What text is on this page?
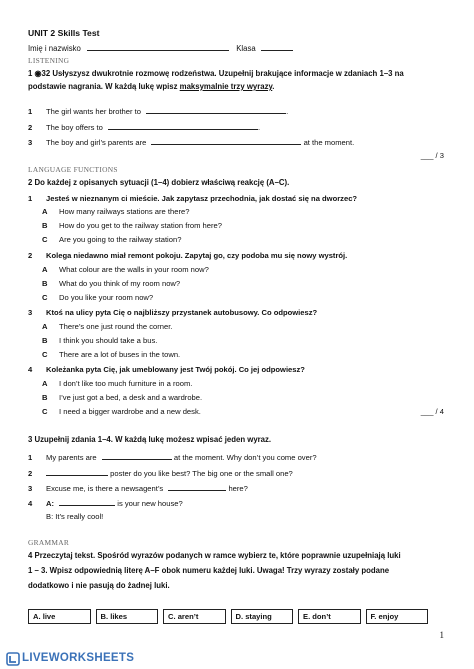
UNIT 2 Skills Test
Imię i nazwisko	Klasa
LISTENING
1 ◉32 Usłyszysz dwukrotnie rozmowę rodzeństwa. Uzupełnij brakujące informacje w zdaniach 1–3 na
podstawie nagrania. W każdą lukę wpisz maksymalnie trzy wyrazy.
1 The girl wants her brother to	.
2 The boy offers to	.
3 The boy and girl’s parents are	at the moment.
___ / 3
LANGUAGE FUNCTIONS
2 Do każdej z opisanych sytuacji (1–4) dobierz właściwą reakcję (A–C).
1 Jesteś w nieznanym ci mieście. Jak zapytasz przechodnia, jak dostać się na dworzec?
A How many railways stations are there?
B How do you get to the railway station from here?
C Are you going to the railway station?
2 Kolega niedawno miał remont pokoju. Zapytaj go, czy podoba mu się nowy wystrój.
A What colour are the walls in your room now?
B What do you think of my room now?
C Do you like your room now?
3 Ktoś na ulicy pyta Cię o najbliższy przystanek autobusowy. Co odpowiesz?
A There’s one just round the corner.
B I think you should take a bus.
C There are a lot of buses in the town.
4 Koleżanka pyta Cię, jak umeblowany jest Twój pokój. Co jej odpowiesz?
A I don’t like too much furniture in a room.
B I’ve just got a bed, a desk and a wardrobe.
C I need a bigger wardrobe and a new desk.	___ / 4
3 Uzupełnij zdania 1–4. W każdą lukę możesz wpisać jeden wyraz.
1 My parents are	at the moment. Why don’t you come over?
2	poster do you like best? The big one or the small one?
3 Excuse me, is there a newsagent’s	here?
4 A:	is your new house?
B: It’s really cool!
GRAMMAR
4 Przeczytaj tekst. Spośród wyrazów podanych w ramce wybierz te, które poprawnie uzupełniają luki
1 – 3. Wpisz odpowiednią literę A–F obok numeru każdej luki. Uwaga! Trzy wyrazy zostały podane
dodatkowo i nie pasują do żadnej luki.
A. live	B. likes	C. aren’t	D. staying	E. don’t	F. enjoy
1
LIVEWORKSHEETS
